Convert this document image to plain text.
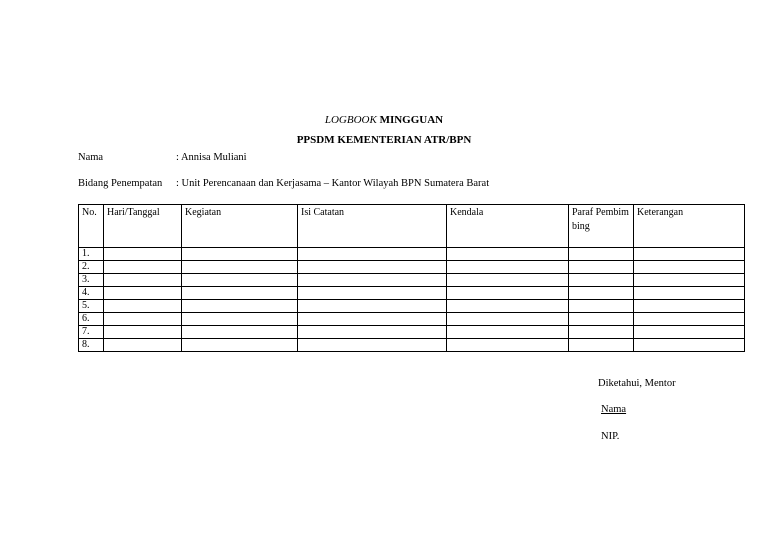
LOGBOOK MINGGUAN
PPSDM KEMENTERIAN ATR/BPN
Nama	: Annisa Muliani
Bidang Penempatan : Unit Perencanaan dan Kerjasama – Kantor Wilayah BPN Sumatera Barat
No.	Hari/Tanggal	Kegiatan	Isi Catatan	Kendala	Paraf Pembimbing	Keterangan
1.						
2.						
3.						
4.						
5.						
6.						
7.						
8.						
Diketahui, Mentor
Nama
NIP.
